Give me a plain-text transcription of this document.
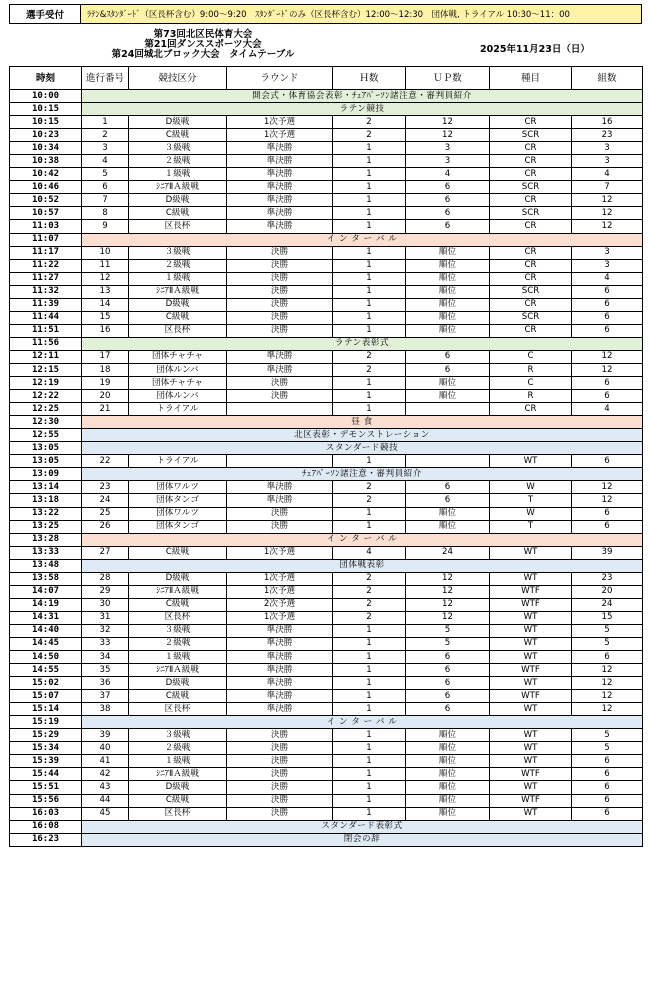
選手受付	ﾗﾃﾝ&ｽﾀﾝﾀﾞｰﾄﾞ（区長杯含む）9:00～9:20　ｽﾀﾝﾀﾞｰﾄﾞのみ（区長杯含む）12:00～12:30　団体戦, トライアル 10:30～11：00
第73回北区民体育大会
第21回ダンススポーツ大会
第24回城北ブロック大会　タイムテーブル	2025年11月23日（日）
時刻	進行番号	競技区分	ラウンド	Ｈ数	ＵＰ数	種目	組数
10:00	開会式・体育協会表彰・ﾁｪｱﾊﾟｰｿﾝ諸注意・審判員紹介						
10:15	ラテン競技						
10:15	1	D級戦	1次予選	2	12	CR	16
10:23	2	C級戦	1次予選	2	12	SCR	23
10:34	3	３級戦	準決勝	1	3	CR	3
10:38	4	２級戦	準決勝	1	3	CR	3
10:42	5	１級戦	準決勝	1	4	CR	4
10:46	6	ｼﾆｱⅡＡ級戦	準決勝	1	6	SCR	7
10:52	7	D級戦	準決勝	1	6	CR	12
10:57	8	C級戦	準決勝	1	6	SCR	12
11:03	9	区長杯	準決勝	1	6	CR	12
11:07	イ ン タ ー バ ル						
11:17	10	３級戦	決勝	1	順位	CR	3
11:22	11	２級戦	決勝	1	順位	CR	3
11:27	12	１級戦	決勝	1	順位	CR	4
11:32	13	ｼﾆｱⅡＡ級戦	決勝	1	順位	SCR	6
11:39	14	D級戦	決勝	1	順位	CR	6
11:44	15	C級戦	決勝	1	順位	SCR	6
11:51	16	区長杯	決勝	1	順位	CR	6
11:56	ラテン表彰式						
12:11	17	団体チャチャ	準決勝	2	6	C	12
12:15	18	団体ルンバ	準決勝	2	6	R	12
12:19	19	団体チャチャ	決勝	1	順位	C	6
12:22	20	団体ルンバ	決勝	1	順位	R	6
12:25	21	トライアル		1		CR	4
12:30	昼 食						
12:55	北区表彰・デモンストレーション						
13:05	スタンダード競技						
13:05	22	トライアル		1		WT	6
13:09	ﾁｪｱﾊﾟｰｿﾝ諸注意・審判員紹介						
13:14	23	団体ワルツ	準決勝	2	6	W	12
13:18	24	団体タンゴ	準決勝	2	6	T	12
13:22	25	団体ワルツ	決勝	1	順位	W	6
13:25	26	団体タンゴ	決勝	1	順位	T	6
13:28	イ ン タ ー バ ル						
13:33	27	C級戦	1次予選	4	24	WT	39
13:48	団体戦表彰						
13:58	28	D級戦	1次予選	2	12	WT	23
14:07	29	ｼﾆｱⅡＡ級戦	1次予選	2	12	WTF	20
14:19	30	C級戦	2次予選	2	12	WTF	24
14:31	31	区長杯	1次予選	2	12	WT	15
14:40	32	３級戦	準決勝	1	5	WT	5
14:45	33	２級戦	準決勝	1	5	WT	5
14:50	34	１級戦	準決勝	1	6	WT	6
14:55	35	ｼﾆｱⅡＡ級戦	準決勝	1	6	WTF	12
15:02	36	D級戦	準決勝	1	6	WT	12
15:07	37	C級戦	準決勝	1	6	WTF	12
15:14	38	区長杯	準決勝	1	6	WT	12
15:19	イ ン タ ー バ ル						
15:29	39	３級戦	決勝	1	順位	WT	5
15:34	40	２級戦	決勝	1	順位	WT	5
15:39	41	１級戦	決勝	1	順位	WT	6
15:44	42	ｼﾆｱⅡＡ級戦	決勝	1	順位	WTF	6
15:51	43	D級戦	決勝	1	順位	WT	6
15:56	44	C級戦	決勝	1	順位	WTF	6
16:03	45	区長杯	決勝	1	順位	WT	6
16:08	スタンダード表彰式						
16:23	閉会の辞						
